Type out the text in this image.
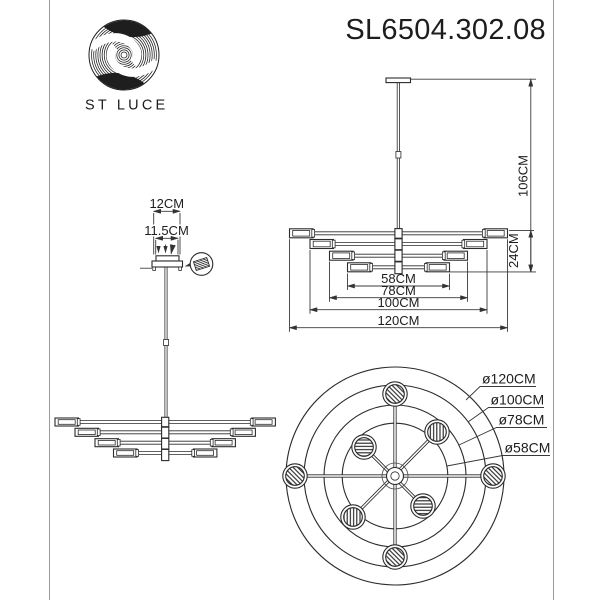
ST LUCE
SL6504.302.08
12CM
11.5CM
106CM
24CM
58CM
78CM
100CM
120CM
ø120CM
ø100CM
ø78CM
ø58CM
